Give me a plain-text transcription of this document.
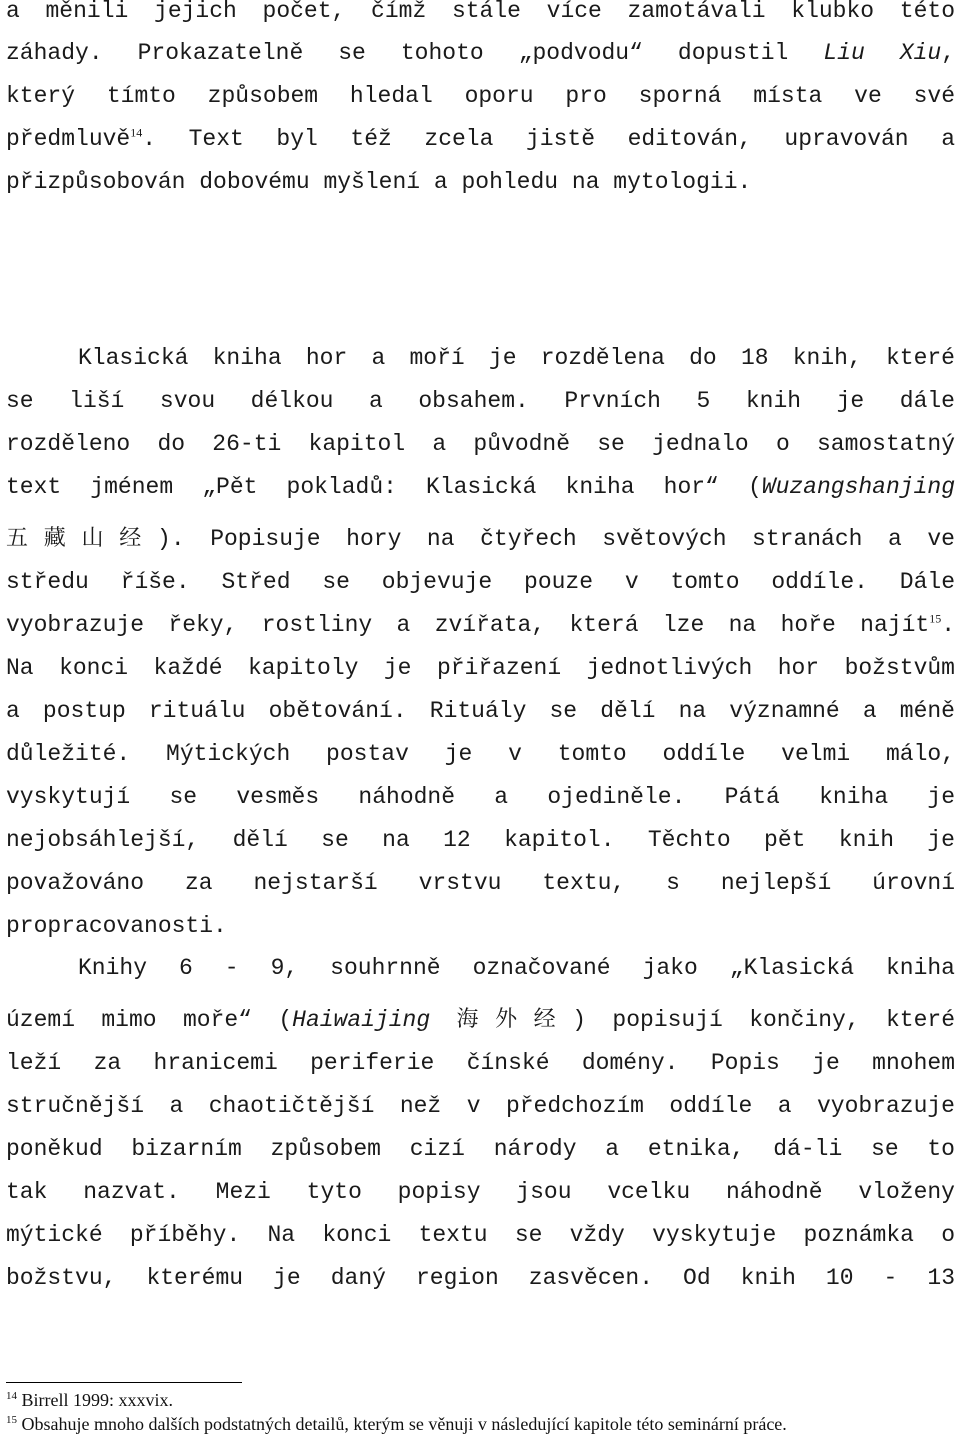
a měnili jejich počet, čímž stále více zamotávali klubko této
záhady. Prokazatelně se tohoto „podvodu“ dopustil Liu Xiu,
který tímto způsobem hledal oporu pro sporná místa ve své
předmluvě$^{14}$. Text byl též zcela jistě editován, upravován a
přizpůsobován dobovému myšlení a pohledu na mytologii.
Klasická kniha hor a moří je rozdělena do 18 knih, které
se liší svou délkou a obsahem. Prvních 5 knih je dále
rozděleno do 26-ti kapitol a původně se jednalo o samostatný
text jménem „Pět pokladů: Klasická kniha hor“ (Wuzangshanjing
五藏山经). Popisuje hory na čtyřech světových stranách a ve
středu říše. Střed se objevuje pouze v tomto oddíle. Dále
vyobrazuje řeky, rostliny a zvířata, která lze na hoře najít$^{15}$.
Na konci každé kapitoly je přiřazení jednotlivých hor božstvům
a postup rituálu obětování. Rituály se dělí na významné a méně
důležité. Mýtických postav je v tomto oddíle velmi málo,
vyskytují se vesměs náhodně a ojediněle. Pátá kniha je
nejobsáhlejší, dělí se na 12 kapitol. Těchto pět knih je
považováno za nejstarší vrstvu textu, s nejlepší úrovní
propracovanosti.
Knihy 6 - 9, souhrnně označované jako „Klasická kniha
území mimo moře“ (Haiwaijing 海外经) popisují končiny, které
leží za hranicemi periferie čínské domény. Popis je mnohem
stručnější a chaotičtější než v předchozím oddíle a vyobrazuje
poněkud bizarním způsobem cizí národy a etnika, dá-li se to
tak nazvat. Mezi tyto popisy jsou vcelku náhodně vloženy
mýtické příběhy. Na konci textu se vždy vyskytuje poznámka o
božstvu, kterému je daný region zasvěcen. Od knih 10 - 13
$^{14}$ Birrell 1999: xxxvix.
$^{15}$ Obsahuje mnoho dalších podstatných detailů, kterým se věnuji v následující kapitole této seminární práce.
